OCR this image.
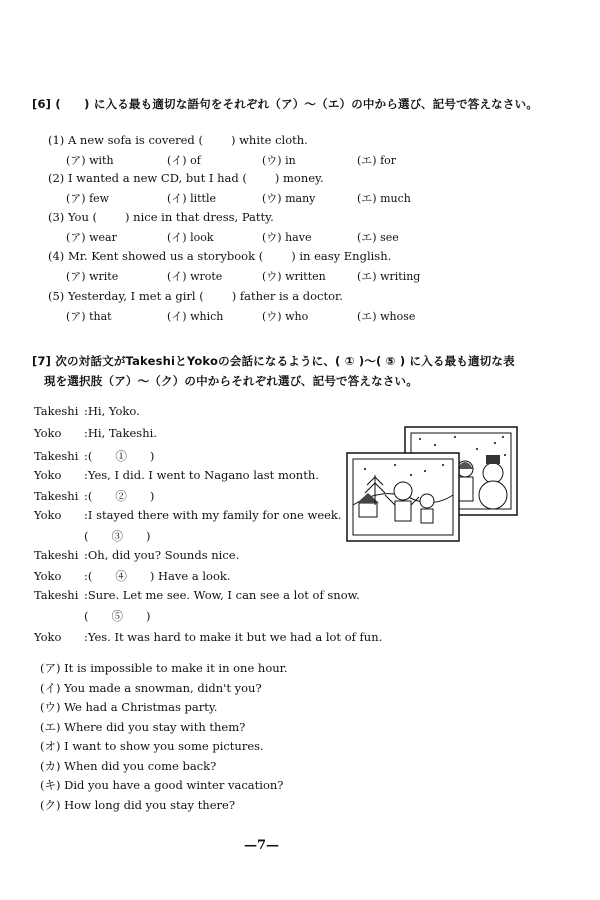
[6] (　　) に入る最も適切な語句をそれぞれ（ア）〜（エ）の中から選び、記号で答えなさい。
(1) A new sofa is covered ( ) white cloth.
(ア) with	(イ) of	(ウ) in	(エ) for
(2) I wanted a new CD, but I had ( ) money.
(ア) few	(イ) little	(ウ) many	(エ) much
(3) You ( ) nice in that dress, Patty.
(ア) wear	(イ) look	(ウ) have	(エ) see
(4) Mr. Kent showed us a storybook ( ) in easy English.
(ア) write	(イ) wrote	(ウ) written	(エ) writing
(5) Yesterday, I met a girl ( ) father is a doctor.
(ア) that	(イ) which	(ウ) who	(エ) whose
[7] 次の対話文がTakeshiとYokoの会話になるように、( ① )〜( ⑤ ) に入る最も適切な表
現を選択肢（ア）〜（ク）の中からそれぞれ選び、記号で答えなさい。
Takeshi :Hi, Yoko.
Yoko :Hi, Takeshi.
Takeshi :(　　①　　)
Yoko :Yes, I did. I went to Nagano last month.
Takeshi :(　　②　　)
Yoko :I stayed there with my family for one week.
(　　③　　)
Takeshi :Oh, did you? Sounds nice.
Yoko :(　　④　　) Have a look.
Takeshi :Sure. Let me see. Wow, I can see a lot of snow.
(　　⑤　　)
Yoko :Yes. It was hard to make it but we had a lot of fun.
(ア) It is impossible to make it in one hour.
(イ) You made a snowman, didn't you?
(ウ) We had a Christmas party.
(エ) Where did you stay with them?
(オ) I want to show you some pictures.
(カ) When did you come back?
(キ) Did you have a good winter vacation?
(ク) How long did you stay there?
—7—
